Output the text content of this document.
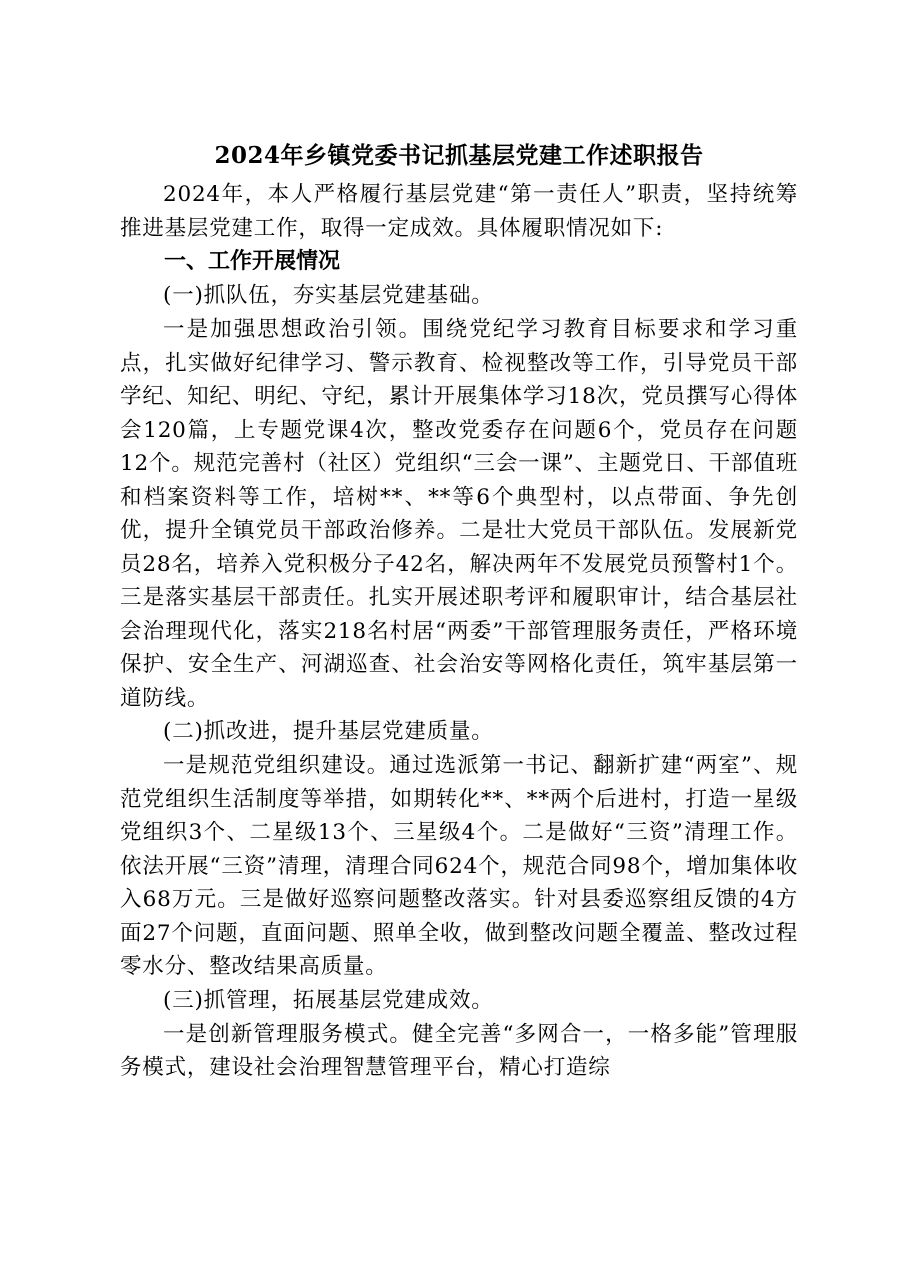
2024年乡镇党委书记抓基层党建工作述职报告

2024年，本人严格履行基层党建“第一责任人”职责，坚持统筹推进基层党建工作，取得一定成效。具体履职情况如下:

一、工作开展情况

(一)抓队伍，夯实基层党建基础。

一是加强思想政治引领。围绕党纪学习教育目标要求和学习重点，扎实做好纪律学习、警示教育、检视整改等工作，引导党员干部学纪、知纪、明纪、守纪，累计开展集体学习18次，党员撰写心得体会120篇，上专题党课4次，整改党委存在问题6个，党员存在问题12个。规范完善村（社区）党组织“三会一课”、主题党日、干部值班和档案资料等工作，培树**、**等6个典型村，以点带面、争先创优，提升全镇党员干部政治修养。二是壮大党员干部队伍。发展新党员28名，培养入党积极分子42名，解决两年不发展党员预警村1个。三是落实基层干部责任。扎实开展述职考评和履职审计，结合基层社会治理现代化，落实218名村居“两委”干部管理服务责任，严格环境保护、安全生产、河湖巡查、社会治安等网格化责任，筑牢基层第一道防线。

(二)抓改进，提升基层党建质量。

一是规范党组织建设。通过选派第一书记、翻新扩建“两室”、规范党组织生活制度等举措，如期转化**、**两个后进村，打造一星级党组织3个、二星级13个、三星级4个。二是做好“三资”清理工作。依法开展“三资”清理，清理合同624个，规范合同98个，增加集体收入68万元。三是做好巡察问题整改落实。针对县委巡察组反馈的4方面27个问题，直面问题、照单全收，做到整改问题全覆盖、整改过程零水分、整改结果高质量。

(三)抓管理，拓展基层党建成效。

一是创新管理服务模式。健全完善“多网合一，一格多能”管理服务模式，建设社会治理智慧管理平台，精心打造综
